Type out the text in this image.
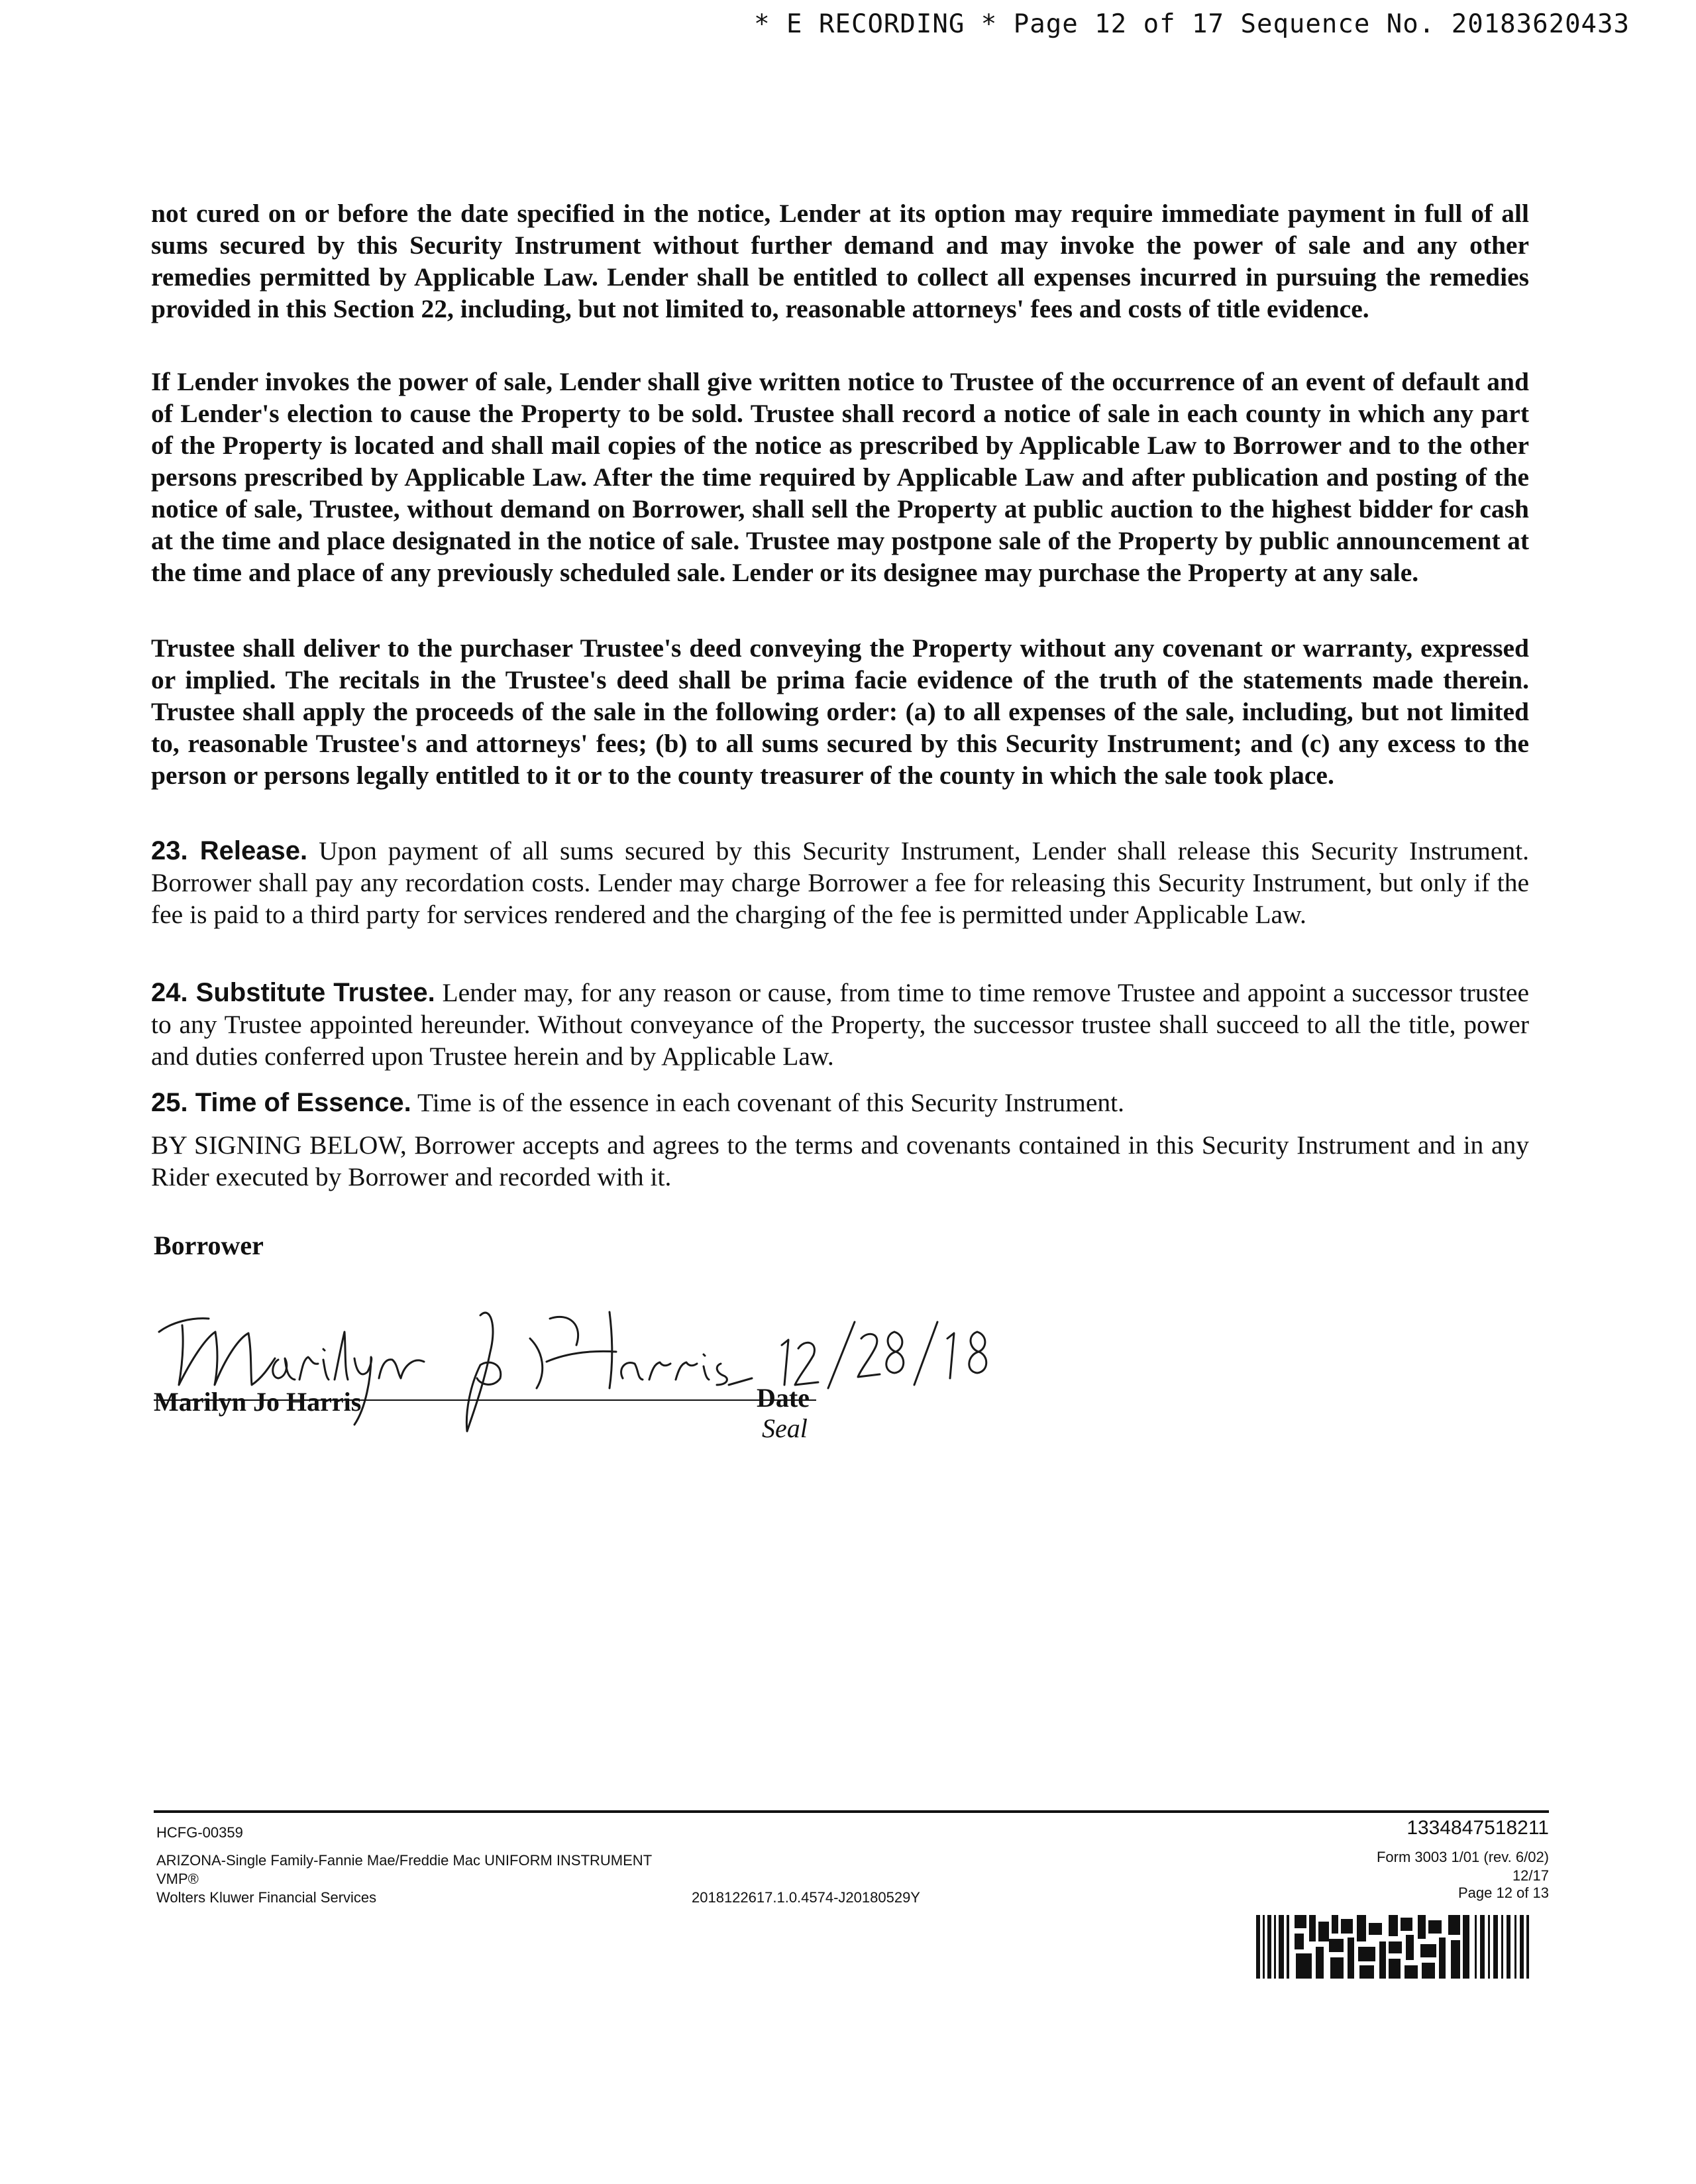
* E RECORDING * Page 12 of 17 Sequence No. 20183620433

not cured on or before the date specified in the notice, Lender at its option may require immediate payment in full of all sums secured by this Security Instrument without further demand and may invoke the power of sale and any other remedies permitted by Applicable Law. Lender shall be entitled to collect all expenses incurred in pursuing the remedies provided in this Section 22, including, but not limited to, reasonable attorneys' fees and costs of title evidence.

If Lender invokes the power of sale, Lender shall give written notice to Trustee of the occurrence of an event of default and of Lender's election to cause the Property to be sold. Trustee shall record a notice of sale in each county in which any part of the Property is located and shall mail copies of the notice as prescribed by Applicable Law to Borrower and to the other persons prescribed by Applicable Law. After the time required by Applicable Law and after publication and posting of the notice of sale, Trustee, without demand on Borrower, shall sell the Property at public auction to the highest bidder for cash at the time and place designated in the notice of sale. Trustee may postpone sale of the Property by public announcement at the time and place of any previously scheduled sale. Lender or its designee may purchase the Property at any sale.

Trustee shall deliver to the purchaser Trustee's deed conveying the Property without any covenant or warranty, expressed or implied. The recitals in the Trustee's deed shall be prima facie evidence of the truth of the statements made therein. Trustee shall apply the proceeds of the sale in the following order: (a) to all expenses of the sale, including, but not limited to, reasonable Trustee's and attorneys' fees; (b) to all sums secured by this Security Instrument; and (c) any excess to the person or persons legally entitled to it or to the county treasurer of the county in which the sale took place.

23. Release. Upon payment of all sums secured by this Security Instrument, Lender shall release this Security Instrument. Borrower shall pay any recordation costs. Lender may charge Borrower a fee for releasing this Security Instrument, but only if the fee is paid to a third party for services rendered and the charging of the fee is permitted under Applicable Law.

24. Substitute Trustee. Lender may, for any reason or cause, from time to time remove Trustee and appoint a successor trustee to any Trustee appointed hereunder. Without conveyance of the Property, the successor trustee shall succeed to all the title, power and duties conferred upon Trustee herein and by Applicable Law.

25. Time of Essence. Time is of the essence in each covenant of this Security Instrument.

BY SIGNING BELOW, Borrower accepts and agrees to the terms and covenants contained in this Security Instrument and in any Rider executed by Borrower and recorded with it.

Borrower
Marilyn Jo Harris	Date
Seal
HCFG-00359
ARIZONA-Single Family-Fannie Mae/Freddie Mac UNIFORM INSTRUMENT
VMP®
Wolters Kluwer Financial Services	2018122617.1.0.4574-J20180529Y
1334847518211
Form 3003 1/01 (rev. 6/02)
12/17
Page 12 of 13
